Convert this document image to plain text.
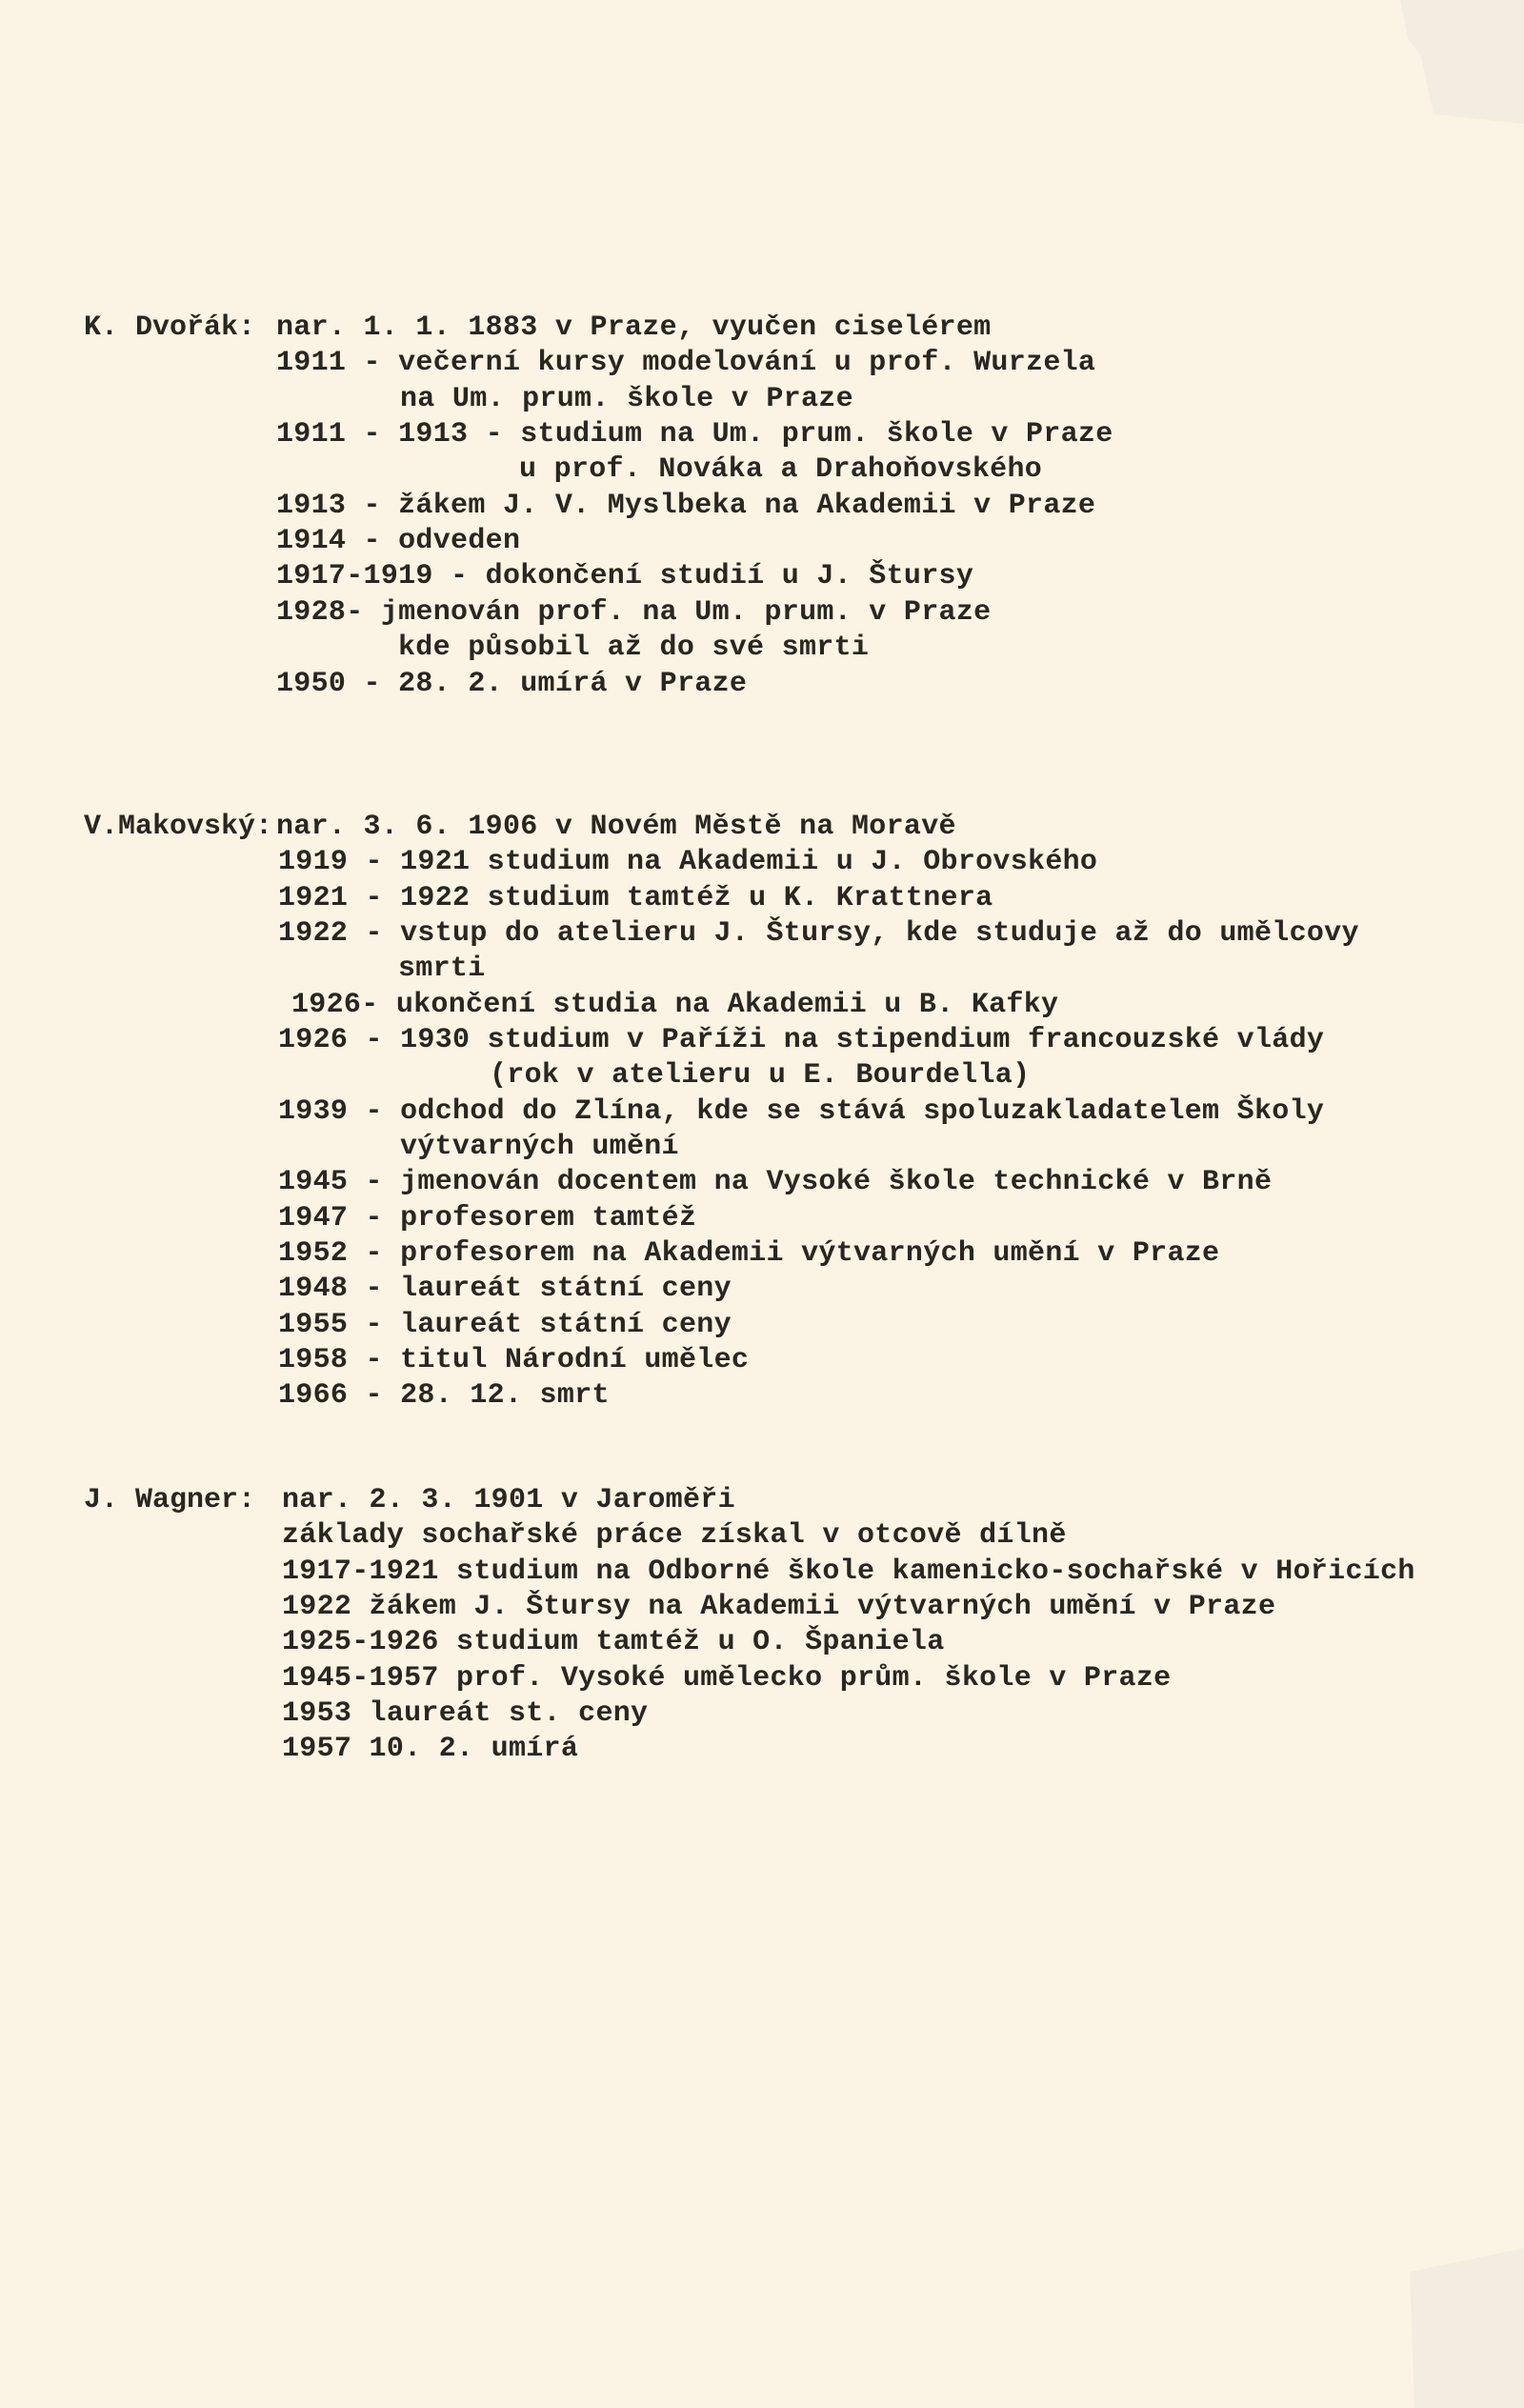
K. Dvořák: nar. 1. 1. 1883 v Praze, vyučen ciselérem
1911 - večerní kursy modelování u prof. Wurzela
na Um. prum. škole v Praze
1911 - 1913 - studium na Um. prum. škole v Praze
u prof. Nováka a Drahoňovského
1913 - žákem J. V. Myslbeka na Akademii v Praze
1914 - odveden
1917-1919 - dokončení studií u J. Štursy
1928- jmenován prof. na Um. prum. v Praze
kde působil až do své smrti
1950 - 28. 2. umírá v Praze
V.Makovský: nar. 3. 6. 1906 v Novém Městě na Moravě
1919 - 1921 studium na Akademii u J. Obrovského
1921 - 1922 studium tamtéž u K. Krattnera
1922 - vstup do atelieru J. Štursy, kde studuje až do umělcovy
smrti
1926- ukončení studia na Akademii u B. Kafky
1926 - 1930 studium v Paříži na stipendium francouzské vlády
(rok v atelieru u E. Bourdella)
1939 - odchod do Zlína, kde se stává spoluzakladatelem Školy
výtvarných umění
1945 - jmenován docentem na Vysoké škole technické v Brně
1947 - profesorem tamtéž
1952 - profesorem na Akademii výtvarných umění v Praze
1948 - laureát státní ceny
1955 - laureát státní ceny
1958 - titul Národní umělec
1966 - 28. 12. smrt
J. Wagner: nar. 2. 3. 1901 v Jaroměři
základy sochařské práce získal v otcově dílně
1917-1921 studium na Odborné škole kamenicko-sochařské v Hořicích
1922 žákem J. Štursy na Akademii výtvarných umění v Praze
1925-1926 studium tamtéž u O. Španiela
1945-1957 prof. Vysoké umělecko prům. škole v Praze
1953 laureát st. ceny
1957 10. 2. umírá
